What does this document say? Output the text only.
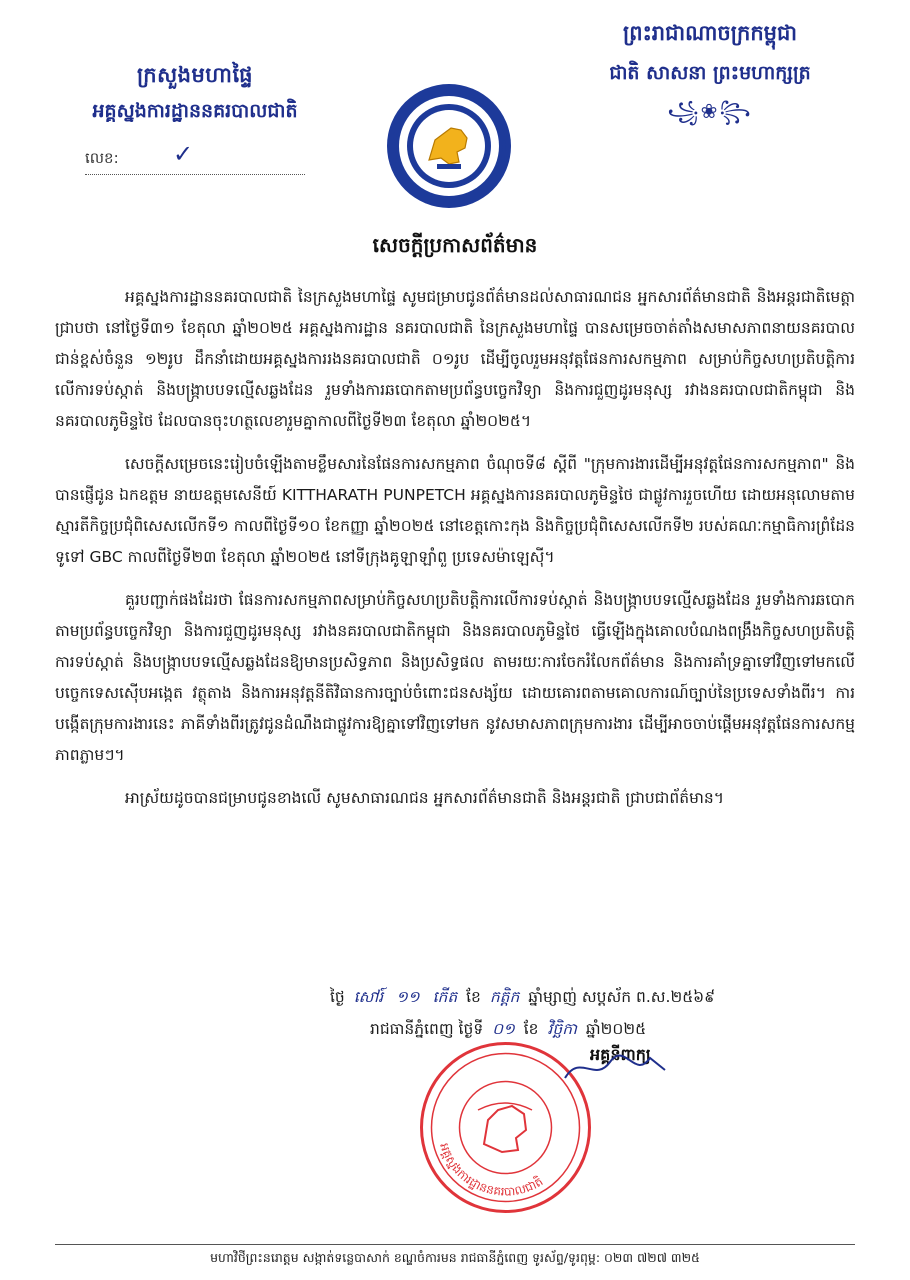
ក្រសួងមហាផ្ទៃ
អគ្គស្នងការដ្ឋាននគរបាលជាតិ
លេខ: ✓
ព្រះរាជាណាចក្រកម្ពុជា
ជាតិ សាសនា ព្រះមហាក្សត្រ
꧁❀꧂
សេចក្តីប្រកាសព័ត៌មាន

អគ្គស្នងការដ្ឋាននគរបាលជាតិ នៃក្រសួងមហាផ្ទៃ សូមជម្រាបជូនព័ត៌មានដល់សាធារណជន អ្នកសារព័ត៌មានជាតិ និងអន្តរជាតិមេត្តាជ្រាបថា នៅថ្ងៃទី៣១ ខែតុលា ឆ្នាំ២០២៥ អគ្គស្នងការដ្ឋាន នគរបាលជាតិ នៃក្រសួងមហាផ្ទៃ បានសម្រេចចាត់តាំងសមាសភាពនាយនគរបាលជាន់ខ្ពស់ចំនួន ១២រូប ដឹកនាំដោយអគ្គស្នងការរងនគរបាលជាតិ ០១រូប ដើម្បីចូលរួមអនុវត្តផែនការសកម្មភាព សម្រាប់កិច្ចសហប្រតិបត្តិការលើការទប់ស្កាត់ និងបង្ក្រាបបទល្មើសឆ្លងដែន រួមទាំងការឆបោកតាមប្រព័ន្ធបច្ចេកវិទ្យា និងការជួញដូរមនុស្ស រវាងនគរបាលជាតិកម្ពុជា និងនគរបាលភូមិន្ទថៃ ដែលបានចុះហត្ថលេខារួមគ្នាកាលពីថ្ងៃទី២៣ ខែតុលា ឆ្នាំ២០២៥។

សេចក្តីសម្រេចនេះរៀបចំឡើងតាមខ្លឹមសារនៃផែនការសកម្មភាព ចំណុចទី៨ ស្តីពី "ក្រុមការងារដើម្បីអនុវត្តផែនការសកម្មភាព" និងបានផ្ញើជូន ឯកឧត្តម នាយឧត្តមសេនីយ៍ KITTHARATH PUNPETCH អគ្គស្នងការនគរបាលភូមិន្ទថៃ ជាផ្លូវការរួចហើយ ដោយអនុលោមតាមស្មារតីកិច្ចប្រជុំពិសេសលើកទី១ កាលពីថ្ងៃទី១០ ខែកញ្ញា ឆ្នាំ២០២៥ នៅខេត្តកោះកុង និងកិច្ចប្រជុំពិសេសលើកទី២ របស់គណៈកម្មាធិការព្រំដែនទូទៅ GBC កាលពីថ្ងៃទី២៣ ខែតុលា ឆ្នាំ២០២៥ នៅទីក្រុងគូឡាឡាំពួ ប្រទេសម៉ាឡេស៊ី។

គួរបញ្ជាក់ផងដែរថា ផែនការសកម្មភាពសម្រាប់កិច្ចសហប្រតិបត្តិការលើការទប់ស្កាត់ និងបង្ក្រាបបទល្មើសឆ្លងដែន រួមទាំងការឆបោកតាមប្រព័ន្ធបច្ចេកវិទ្យា និងការជួញដូរមនុស្ស រវាងនគរបាលជាតិកម្ពុជា និងនគរបាលភូមិន្ទថៃ ធ្វើឡើងក្នុងគោលបំណងពង្រឹងកិច្ចសហប្រតិបត្តិការទប់ស្កាត់ និងបង្ក្រាបបទល្មើសឆ្លងដែនឱ្យមានប្រសិទ្ធភាព និងប្រសិទ្ធផល តាមរយៈការចែករំលែកព័ត៌មាន និងការគាំទ្រគ្នាទៅវិញទៅមកលើបច្ចេកទេសស៊ើបអង្កេត វត្ថុតាង និងការអនុវត្តនីតិវិធានការច្បាប់ចំពោះជនសង្ស័យ ដោយគោរពតាមគោលការណ៍ច្បាប់នៃប្រទេសទាំងពីរ។ ការបង្កើតក្រុមការងារនេះ ភាគីទាំងពីរត្រូវជូនដំណឹងជាផ្លូវការឱ្យគ្នាទៅវិញទៅមក នូវសមាសភាពក្រុមការងារ ដើម្បីអាចចាប់ផ្តើមអនុវត្តផែនការសកម្មភាពភ្លាមៗ។

អាស្រ័យដូចបានជម្រាបជូនខាងលើ សូមសាធារណជន អ្នកសារព័ត៌មានជាតិ និងអន្តរជាតិ ជ្រាបជាព័ត៌មាន។

ថ្ងៃ សៅរ៍ ១១ កើត ខែ កត្តិក ឆ្នាំម្សាញ់ សប្តស័ក ព.ស.២៥៦៩
រាជធានីភ្នំពេញ ថ្ងៃទី ០១ ខែ វិច្ឆិកា ឆ្នាំ២០២៥
អគ្គស្នងការដ្ឋាននគរបាលជាតិ
អគ្គនីពាក្យ
មហាវិថីព្រះនរោត្តម សង្កាត់ទន្លេបាសាក់ ខណ្ឌចំការមន រាជធានីភ្នំពេញ ទូរស័ព្ទ/ទូរពុម្ព: ០២៣ ៧២៧ ៣២៥
